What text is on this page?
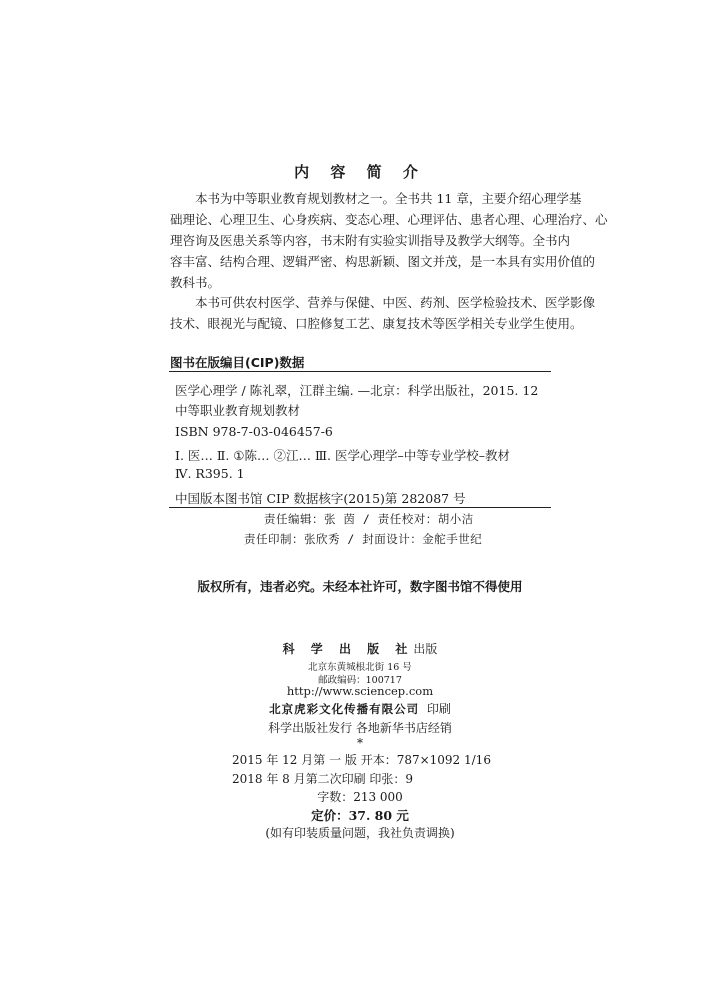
内 容 简 介
本书为中等职业教育规划教材之一。全书共 11 章，主要介绍心理学基
础理论、心理卫生、心身疾病、变态心理、心理评估、患者心理、心理治疗、心
理咨询及医患关系等内容，书末附有实验实训指导及教学大纲等。全书内
容丰富、结构合理、逻辑严密、构思新颖、图文并茂，是一本具有实用价值的
教科书。
本书可供农村医学、营养与保健、中医、药剂、医学检验技术、医学影像
技术、眼视光与配镜、口腔修复工艺、康复技术等医学相关专业学生使用。
图书在版编目(CIP)数据
医学心理学 / 陈礼翠，江群主编. —北京：科学出版社，2015. 12
中等职业教育规划教材
ISBN 978-7-03-046457-6
Ⅰ. 医… Ⅱ. ①陈… ②江… Ⅲ. 医学心理学–中等专业学校–教材
Ⅳ. R395. 1
中国版本图书馆 CIP 数据核字(2015)第 282087 号
责任编辑：张 茵 / 责任校对：胡小洁
责任印制：张欣秀 / 封面设计：金舵手世纪
版权所有，违者必究。未经本社许可，数字图书馆不得使用
科 学 出 版 社出版
北京东黄城根北街 16 号
邮政编码：100717
http://www.sciencep.com
北京虎彩文化传播有限公司 印刷
科学出版社发行 各地新华书店经销
*
2015 年 12 月第 一 版 开本：787×1092 1/16
2018 年 8 月第二次印刷 印张：9
字数：213 000
定价：37. 80 元
(如有印装质量问题，我社负责调换)
